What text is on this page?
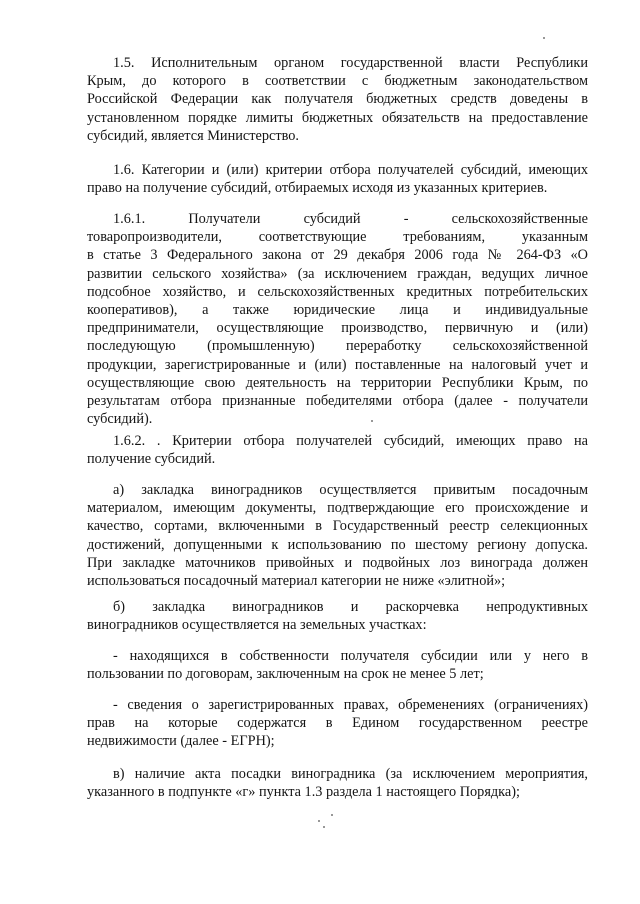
1.5. Исполнительным органом государственной власти Республики
Крым, до которого в соответствии с бюджетным законодательством
Российской Федерации как получателя бюджетных средств доведены в
установленном порядке лимиты бюджетных обязательств на предоставление
субсидий, является Министерство.
1.6. Категории и (или) критерии отбора получателей субсидий, имеющих
право на получение субсидий, отбираемых исходя из указанных критериев.
1.6.1. Получатели субсидий - сельскохозяйственные
товаропроизводители, соответствующие требованиям, указанным
в статье 3 Федерального закона от 29 декабря 2006 года № 264-ФЗ «О
развитии сельского хозяйства» (за исключением граждан, ведущих личное
подсобное хозяйство, и сельскохозяйственных кредитных потребительских
кооперативов), а также юридические лица и индивидуальные
предприниматели, осуществляющие производство, первичную и (или)
последующую (промышленную) переработку сельскохозяйственной
продукции, зарегистрированные и (или) поставленные на налоговый учет и
осуществляющие свою деятельность на территории Республики Крым, по
результатам отбора признанные победителями отбора (далее - получатели
субсидий).
1.6.2. . Критерии отбора получателей субсидий, имеющих право на
получение субсидий.
а) закладка виноградников осуществляется привитым посадочным
материалом, имеющим документы, подтверждающие его происхождение и
качество, сортами, включенными в Государственный реестр селекционных
достижений, допущенными к использованию по шестому региону допуска.
При закладке маточников привойных и подвойных лоз винограда должен
использоваться посадочный материал категории не ниже «элитной»;
б) закладка виноградников и раскорчевка непродуктивных
виноградников осуществляется на земельных участках:
- находящихся в собственности получателя субсидии или у него в
пользовании по договорам, заключенным на срок не менее 5 лет;
- сведения о зарегистрированных правах, обременениях (ограничениях)
прав на которые содержатся в Едином государственном реестре
недвижимости (далее - ЕГРН);
в) наличие акта посадки виноградника (за исключением мероприятия,
указанного в подпункте «г» пункта 1.3 раздела 1 настоящего Порядка);
